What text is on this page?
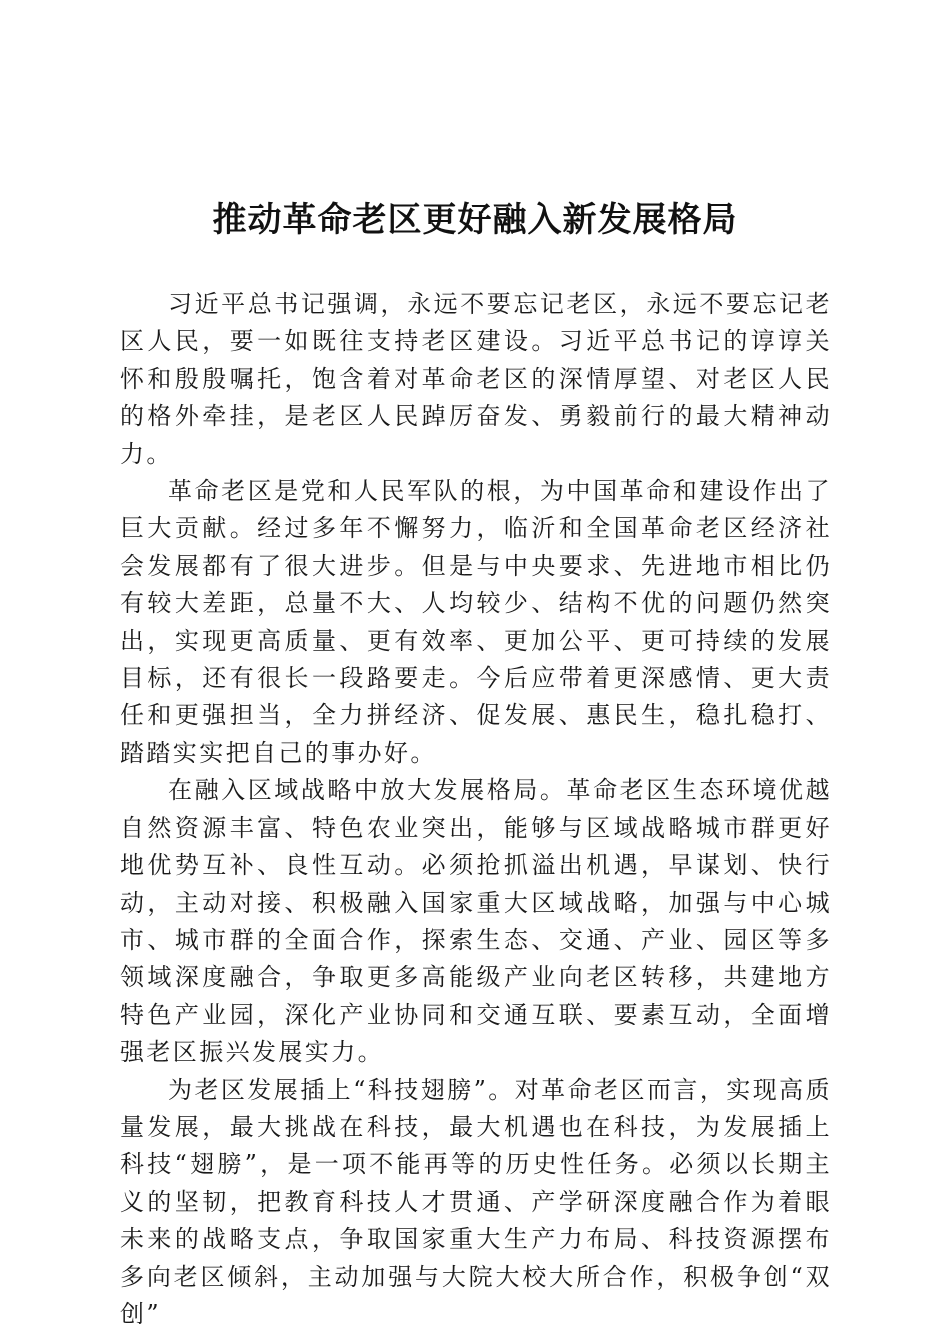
推动革命老区更好融入新发展格局

习近平总书记强调，永远不要忘记老区，永远不要忘记老区人民，要一如既往支持老区建设。习近平总书记的谆谆关怀和殷殷嘱托，饱含着对革命老区的深情厚望、对老区人民的格外牵挂，是老区人民踔厉奋发、勇毅前行的最大精神动力。

革命老区是党和人民军队的根，为中国革命和建设作出了巨大贡献。经过多年不懈努力，临沂和全国革命老区经济社会发展都有了很大进步。但是与中央要求、先进地市相比仍有较大差距，总量不大、人均较少、结构不优的问题仍然突出，实现更高质量、更有效率、更加公平、更可持续的发展目标，还有很长一段路要走。今后应带着更深感情、更大责任和更强担当，全力拼经济、促发展、惠民生，稳扎稳打、踏踏实实把自己的事办好。

在融入区域战略中放大发展格局。革命老区生态环境优越自然资源丰富、特色农业突出，能够与区域战略城市群更好地优势互补、良性互动。必须抢抓溢出机遇，早谋划、快行动，主动对接、积极融入国家重大区域战略，加强与中心城市、城市群的全面合作，探索生态、交通、产业、园区等多领域深度融合，争取更多高能级产业向老区转移，共建地方特色产业园，深化产业协同和交通互联、要素互动，全面增强老区振兴发展实力。

为老区发展插上“科技翅膀”。对革命老区而言，实现高质量发展，最大挑战在科技，最大机遇也在科技，为发展插上科技“翅膀”，是一项不能再等的历史性任务。必须以长期主义的坚韧，把教育科技人才贯通、产学研深度融合作为着眼未来的战略支点，争取国家重大生产力布局、科技资源摆布多向老区倾斜，主动加强与大院大校大所合作，积极争创“双创”
